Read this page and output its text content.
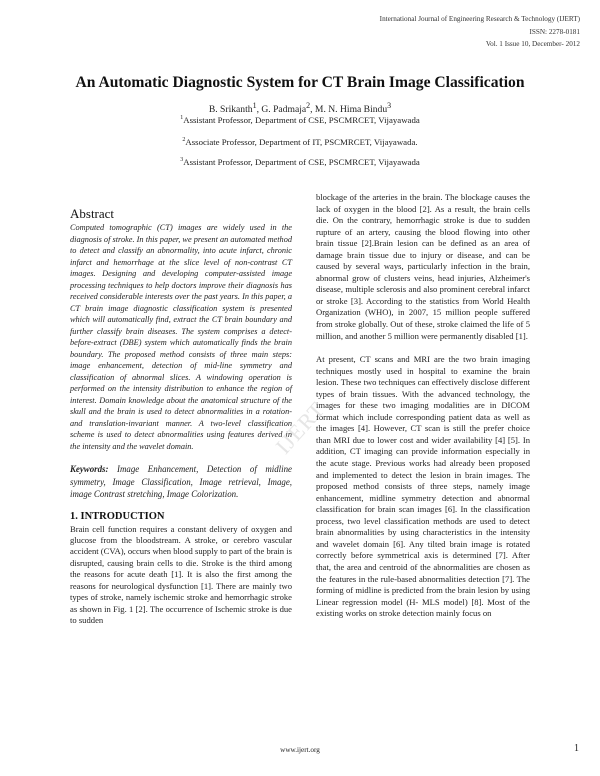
International Journal of Engineering Research & Technology (IJERT)
ISSN: 2278-0181
Vol. 1 Issue 10, December- 2012
An Automatic Diagnostic System for CT Brain Image Classification
B. Srikanth$^1$, G. Padmaja$^2$, M. N. Hima Bindu$^3$
$^1$Assistant Professor, Department of CSE, PSCMRCET, Vijayawada
$^2$Associate Professor, Department of IT, PSCMRCET, Vijayawada.
$^3$Assistant Professor, Department of CSE, PSCMRCET, Vijayawada
Abstract

Computed tomographic (CT) images are widely used in the diagnosis of stroke. In this paper, we present an automated method to detect and classify an abnormality, into acute infarct, chronic infarct and hemorrhage at the slice level of non-contrast CT images. Designing and developing computer-assisted image processing techniques to help doctors improve their diagnosis has received considerable interests over the past years. In this paper, a CT brain image diagnostic classification system is presented which will automatically find, extract the CT brain boundary and further classify brain diseases. The system comprises a detect-before-extract (DBE) system which automatically finds the brain boundary. The proposed method consists of three main steps: image enhancement, detection of mid-line symmetry and classification of abnormal slices. A windowing operation is performed on the intensity distribution to enhance the region of interest. Domain knowledge about the anatomical structure of the skull and the brain is used to detect abnormalities in a rotation- and translation-invariant manner. A two-level classification scheme is used to detect abnormalities using features derived in the intensity and the wavelet domain.

Keywords: Image Enhancement, Detection of midline symmetry, Image Classification, Image retrieval, Image, image Contrast stretching, Image Colorization.

1. INTRODUCTION

Brain cell function requires a constant delivery of oxygen and glucose from the bloodstream. A stroke, or cerebro vascular accident (CVA), occurs when blood supply to part of the brain is disrupted, causing brain cells to die. Stroke is the third among the reasons for acute death [1]. It is also the first among the reasons for neurological dysfunction [1]. There are mainly two types of stroke, namely ischemic stroke and hemorrhagic stroke as shown in Fig. 1 [2]. The occurrence of Ischemic stroke is due to sudden

blockage of the arteries in the brain. The blockage causes the lack of oxygen in the blood [2]. As a result, the brain cells die. On the contrary, hemorrhagic stroke is due to sudden rupture of an artery, causing the blood flowing into other brain tissue [2].Brain lesion can be defined as an area of damage brain tissue due to injury or disease, and can be caused by several ways, particularly infection in the brain, abnormal grow of clusters veins, head injuries, Alzheimer's disease, multiple sclerosis and also prominent cerebral infarct or stroke [3]. According to the statistics from World Health Organization (WHO), in 2007, 15 million people suffered from stroke globally. Out of these, stroke claimed the life of 5 million, and another 5 million were permanently disabled [1].

At present, CT scans and MRI are the two brain imaging techniques mostly used in hospital to examine the brain lesion. These two techniques can effectively disclose different types of brain tissues. With the advanced technology, the images for these two imaging modalities are in DICOM format which include corresponding patient data as well as the images [4]. However, CT scan is still the prefer choice than MRI due to lower cost and wider availability [4] [5]. In addition, CT imaging can provide information especially in the acute stage. Previous works had already been proposed and implemented to detect the lesion in brain images. The proposed method consists of three steps, namely image enhancement, midline symmetry detection and abnormal classification for brain scan images [6]. In the classification process, two level classification methods are used to detect brain abnormalities by using characteristics in the intensity and wavelet domain [6]. Any tilted brain image is rotated correctly before symmetrical axis is determined [7]. After that, the area and centroid of the abnormalities are chosen as the features in the rule-based abnormalities detection [7]. The forming of midline is predicted from the brain lesion by using Linear regression model (H- MLS model) [8]. Most of the existing works on stroke detection mainly focus on

IJERT
www.ijert.org	1
